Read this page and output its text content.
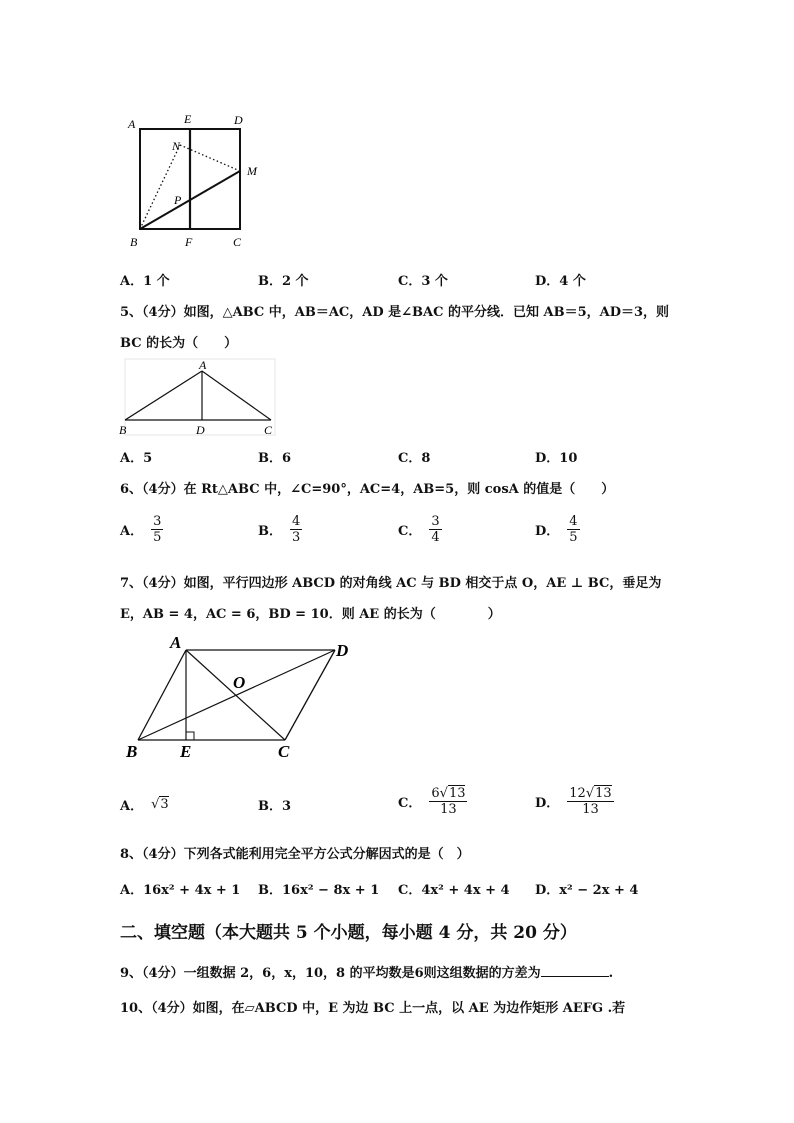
A	E	D
N
M
P
B	F	C
A．1 个	B．2 个	C．3 个	D．4 个
5、（4分）如图，△ABC 中，AB＝AC，AD 是∠BAC 的平分线．已知 AB＝5，AD＝3，则
BC 的长为（　　）
A
B	D	C
A．5	B．6	C．8	D．10
6、（4分）在 Rt△ABC 中，∠C=90°，AC=4，AB=5，则 cosA 的值是（　　）
A． $\frac{3}{5}$	B． $\frac{4}{3}$	C． $\frac{3}{4}$	D． $\frac{4}{5}$
7、（4分）如图，平行四边形 ABCD 的对角线 AC 与 BD 相交于点 O，AE ⊥ BC，垂足为
E，AB = 4，AC = 6，BD = 10．则 AE 的长为（　　　　）
A	D
O
B	E	C
A． √3	B．3	C． $\frac{6√13}{13}$	D． $\frac{12√13}{13}$
8、（4分）下列各式能利用完全平方公式分解因式的是（　）
A．16x² + 4x + 1 B．16x² − 8x + 1 C．4x² + 4x + 4 D．x² − 2x + 4
二、填空题（本大题共 5 个小题，每小题 4 分，共 20 分）
9、（4分）一组数据 2，6，x，10，8 的平均数是6则这组数据的方差为	.
10、（4分）如图，在▱ABCD 中，E 为边 BC 上一点，以 AE 为边作矩形 AEFG .若
